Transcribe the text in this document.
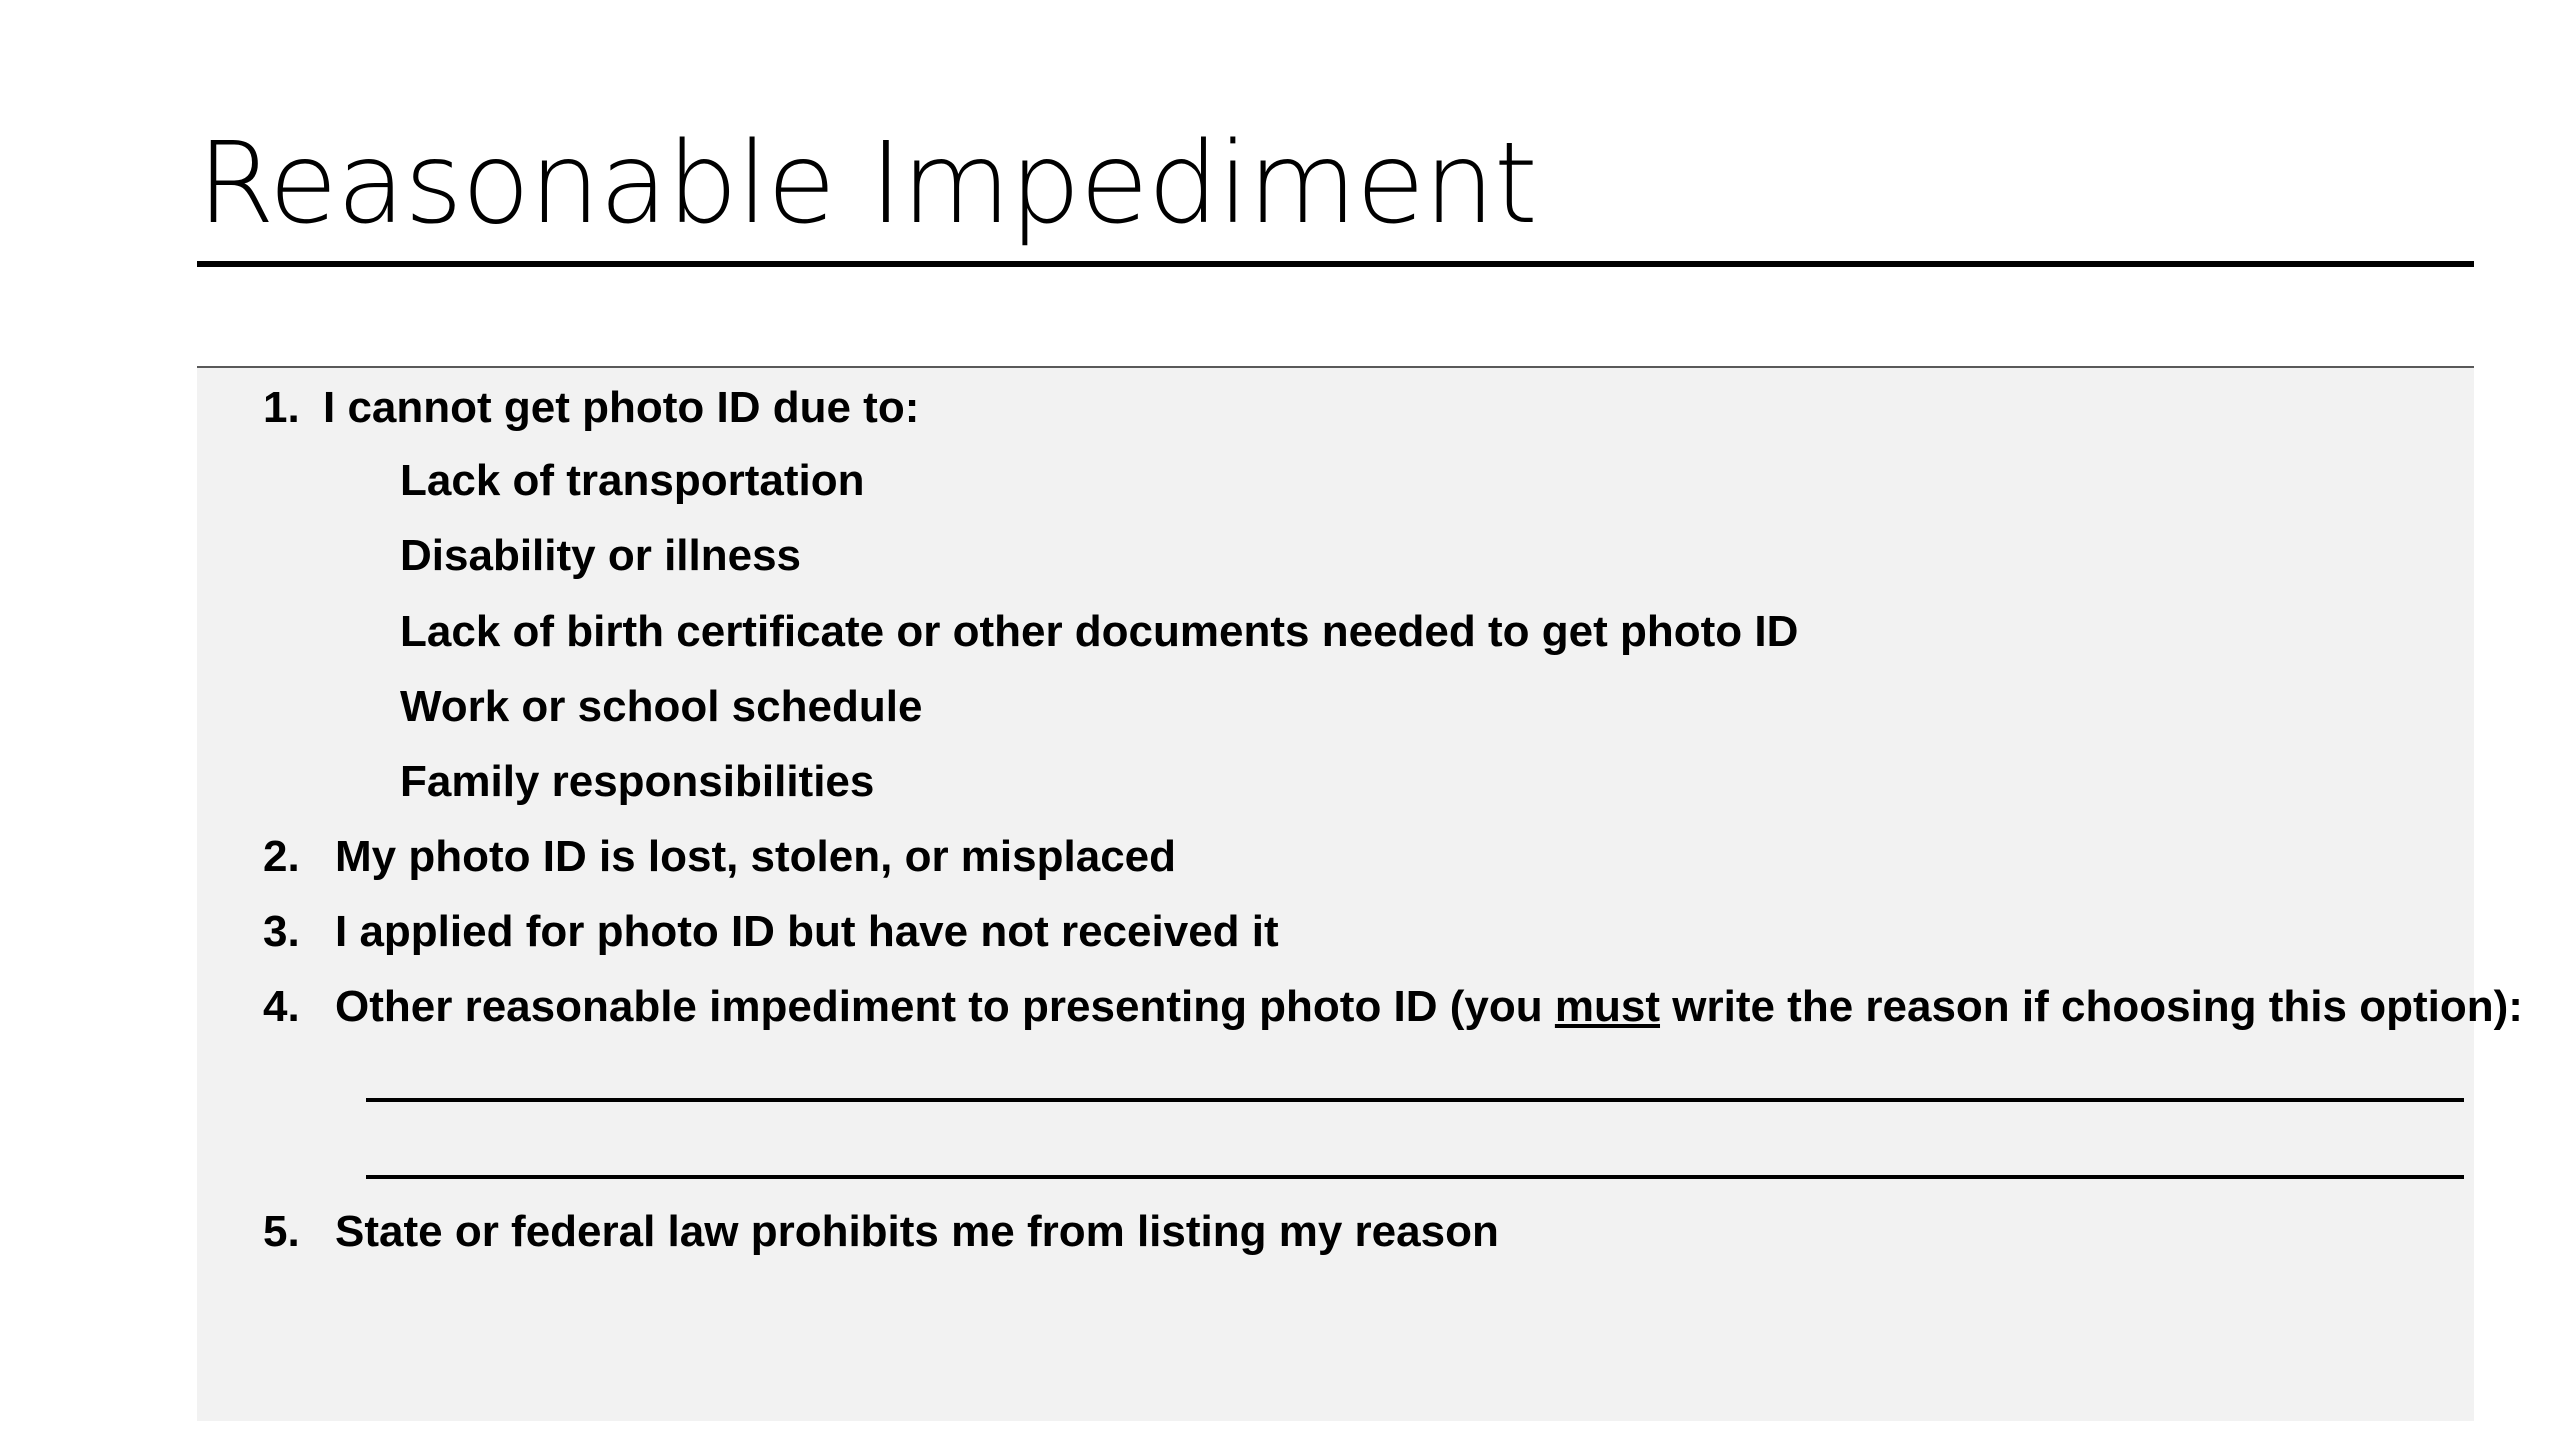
Reasonable Impediment
1. I cannot get photo ID due to:
Lack of transportation
Disability or illness
Lack of birth certificate or other documents needed to get photo ID
Work or school schedule
Family responsibilities
2. My photo ID is lost, stolen, or misplaced
3. I applied for photo ID but have not received it
4. Other reasonable impediment to presenting photo ID (you must write the reason if choosing this option):
5. State or federal law prohibits me from listing my reason
